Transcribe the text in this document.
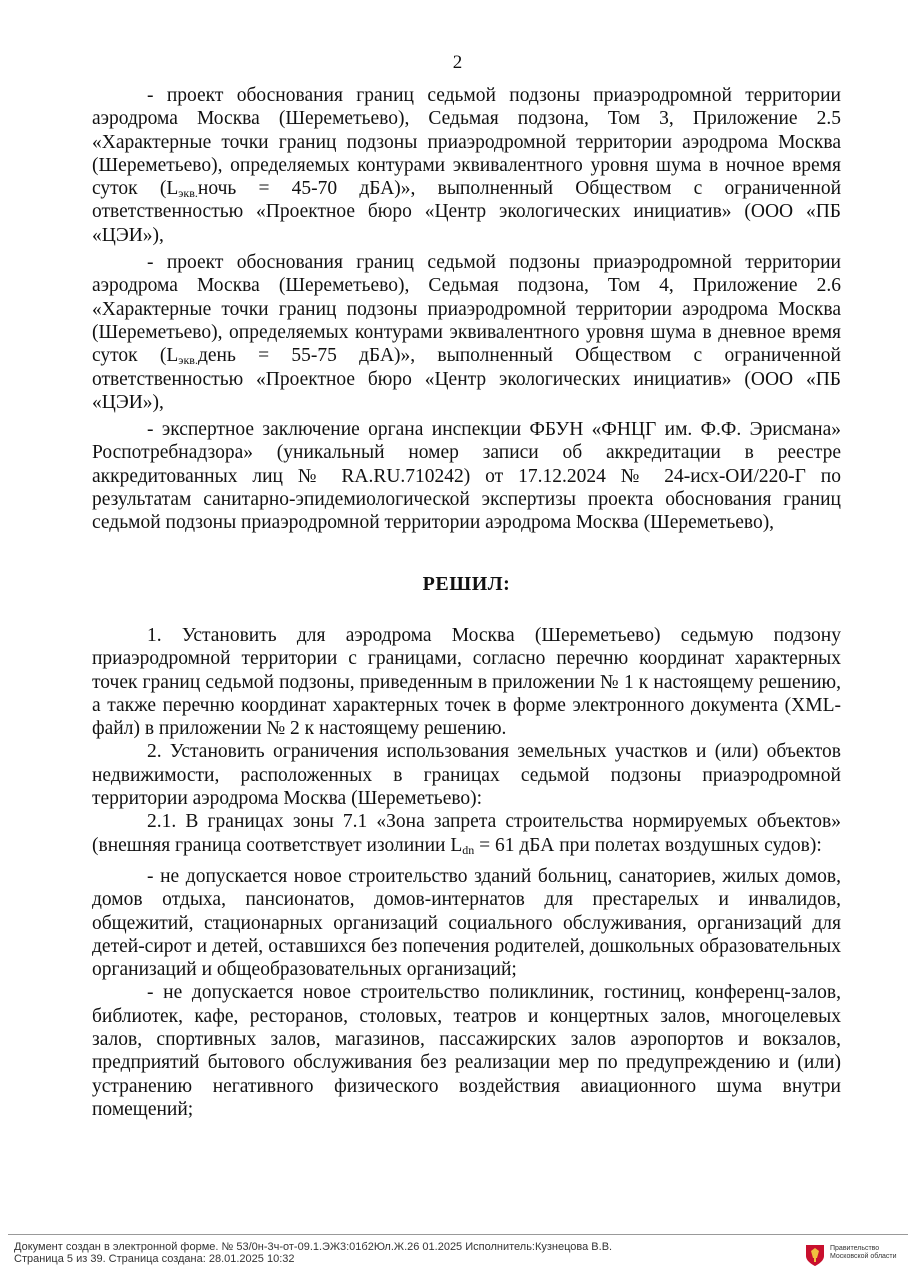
2

- проект обоснования границ седьмой подзоны приаэродромной территории аэродрома Москва (Шереметьево), Седьмая подзона, Том 3, Приложение 2.5 «Характерные точки границ подзоны приаэродромной территории аэродрома Москва (Шереметьево), определяемых контурами эквивалентного уровня шума в ночное время суток ($L_{экв.}ночь = 45-70$ дБА)», выполненный Обществом с ограниченной ответственностью «Проектное бюро «Центр экологических инициатив» (ООО «ПБ «ЦЭИ»),

- проект обоснования границ седьмой подзоны приаэродромной территории аэродрома Москва (Шереметьево), Седьмая подзона, Том 4, Приложение 2.6 «Характерные точки границ подзоны приаэродромной территории аэродрома Москва (Шереметьево), определяемых контурами эквивалентного уровня шума в дневное время суток ($L_{экв.}день = 55-75$ дБА)», выполненный Обществом с ограниченной ответственностью «Проектное бюро «Центр экологических инициатив» (ООО «ПБ «ЦЭИ»),

- экспертное заключение органа инспекции ФБУН «ФНЦГ им. Ф.Ф. Эрисмана» Роспотребнадзора» (уникальный номер записи об аккредитации в реестре аккредитованных лиц № RA.RU.710242) от 17.12.2024 № 24-исх-ОИ/220-Г по результатам санитарно-эпидемиологической экспертизы проекта обоснования границ седьмой подзоны приаэродромной территории аэродрома Москва (Шереметьево),

РЕШИЛ:

1. Установить для аэродрома Москва (Шереметьево) седьмую подзону приаэродромной территории с границами, согласно перечню координат характерных точек границ седьмой подзоны, приведенным в приложении № 1 к настоящему решению, а также перечню координат характерных точек в форме электронного документа (XML-файл) в приложении № 2 к настоящему решению.

2. Установить ограничения использования земельных участков и (или) объектов недвижимости, расположенных в границах седьмой подзоны приаэродромной территории аэродрома Москва (Шереметьево):

2.1. В границах зоны 7.1 «Зона запрета строительства нормируемых объектов» (внешняя граница соответствует изолинии $L_{dn} = 61$ дБА при полетах воздушных судов):

- не допускается новое строительство зданий больниц, санаториев, жилых домов, домов отдыха, пансионатов, домов-интернатов для престарелых и инвалидов, общежитий, стационарных организаций социального обслуживания, организаций для детей-сирот и детей, оставшихся без попечения родителей, дошкольных образовательных организаций и общеобразовательных организаций;

- не допускается новое строительство поликлиник, гостиниц, конференц-залов, библиотек, кафе, ресторанов, столовых, театров и концертных залов, многоцелевых залов, спортивных залов, магазинов, пассажирских залов аэропортов и вокзалов, предприятий бытового обслуживания без реализации мер по предупреждению и (или) устранению негативного физического воздействия авиационного шума внутри помещений;

Документ создан в электронной форме. № 53/0н-3ч-от-09.1.ЭЖ3:01б2Юл.Ж.26 01.2025 Исполнитель:Кузнецова В.В.
Страница 5 из 39. Страница создана: 28.01.2025 10:32
Правительство Московской области
